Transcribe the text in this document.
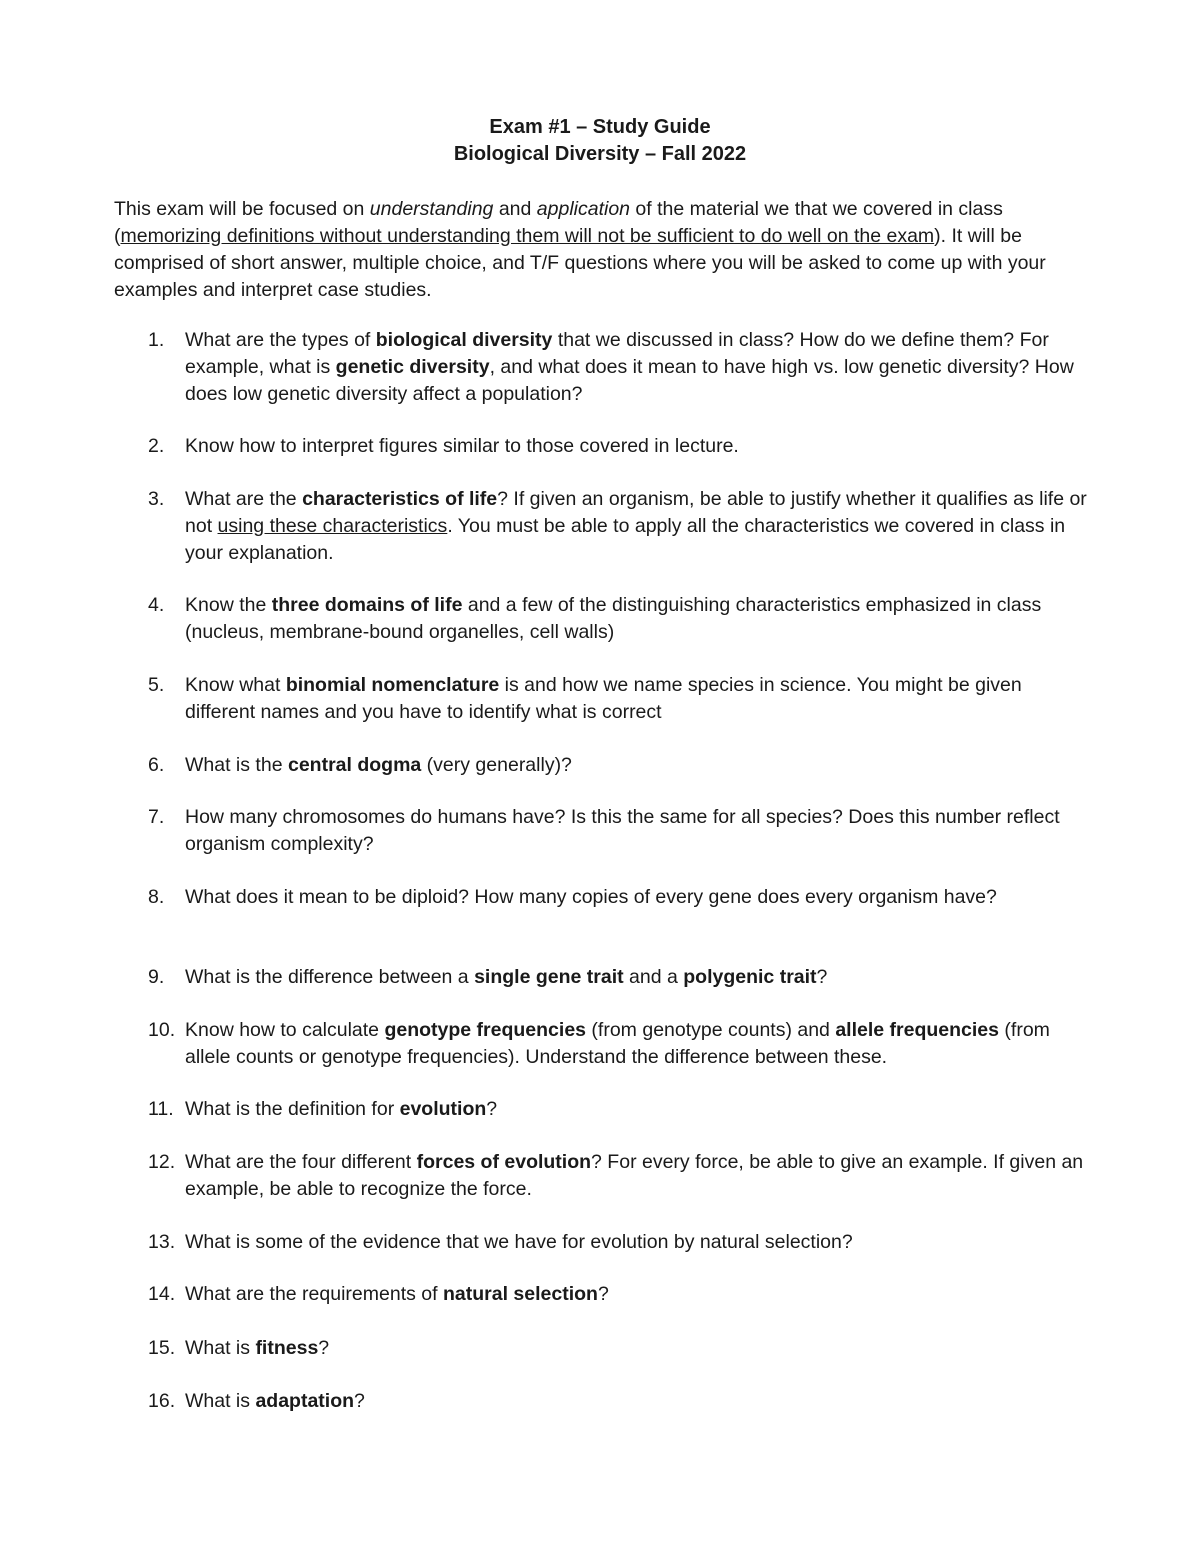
Exam #1 – Study Guide
Biological Diversity – Fall 2022
This exam will be focused on understanding and application of the material we that we covered in class (memorizing definitions without understanding them will not be sufficient to do well on the exam). It will be comprised of short answer, multiple choice, and T/F questions where you will be asked to come up with your examples and interpret case studies.
1.	What are the types of biological diversity that we discussed in class? How do we define them? For example, what is genetic diversity, and what does it mean to have high vs. low genetic diversity? How does low genetic diversity affect a population?
2.	Know how to interpret figures similar to those covered in lecture.
3.	What are the characteristics of life? If given an organism, be able to justify whether it qualifies as life or not using these characteristics. You must be able to apply all the characteristics we covered in class in your explanation.
4.	Know the three domains of life and a few of the distinguishing characteristics emphasized in class (nucleus, membrane-bound organelles, cell walls)
5.	Know what binomial nomenclature is and how we name species in science. You might be given different names and you have to identify what is correct
6.	What is the central dogma (very generally)?
7.	How many chromosomes do humans have? Is this the same for all species? Does this number reflect organism complexity?
8.	What does it mean to be diploid? How many copies of every gene does every organism have?
9.	What is the difference between a single gene trait and a polygenic trait?
10. Know how to calculate genotype frequencies (from genotype counts) and allele frequencies (from allele counts or genotype frequencies). Understand the difference between these.
11. What is the definition for evolution?
12. What are the four different forces of evolution? For every force, be able to give an example. If given an example, be able to recognize the force.
13. What is some of the evidence that we have for evolution by natural selection?
14. What are the requirements of natural selection?
15. What is fitness?
16. What is adaptation?
